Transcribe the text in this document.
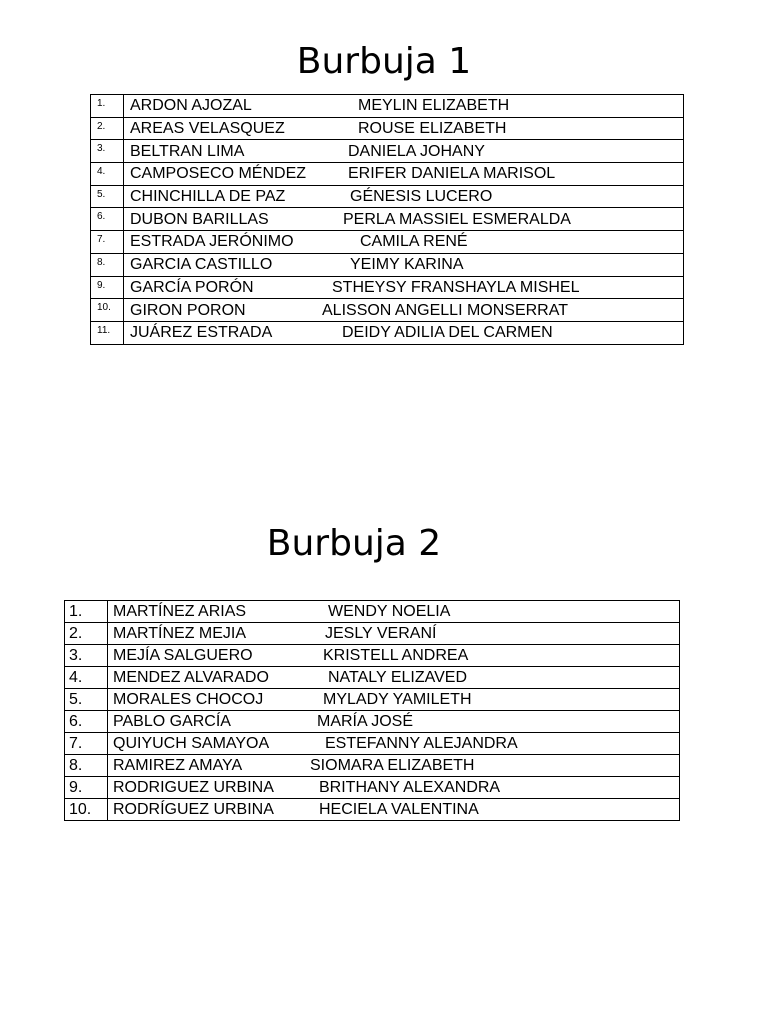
Burbuja 1
1.	ARDON AJOZAL MEYLIN ELIZABETH
2.	AREAS VELASQUEZ ROUSE ELIZABETH
3.	BELTRAN LIMA DANIELA JOHANY
4.	CAMPOSECO MÉNDEZ ERIFER DANIELA MARISOL
5.	CHINCHILLA DE PAZ GÉNESIS LUCERO
6.	DUBON BARILLAS PERLA MASSIEL ESMERALDA
7.	ESTRADA JERÓNIMO CAMILA RENÉ
8.	GARCIA CASTILLO YEIMY KARINA
9.	GARCÍA PORÓN STHEYSY FRANSHAYLA MISHEL
10.	GIRON PORON ALISSON ANGELLI MONSERRAT
11.	JUÁREZ ESTRADA DEIDY ADILIA DEL CARMEN
Burbuja 2
1.	MARTÍNEZ ARIAS WENDY NOELIA
2.	MARTÍNEZ MEJIA JESLY VERANÍ
3.	MEJÍA SALGUERO KRISTELL ANDREA
4.	MENDEZ ALVARADO NATALY ELIZAVED
5.	MORALES CHOCOJ MYLADY YAMILETH
6.	PABLO GARCÍA MARÍA JOSÉ
7.	QUIYUCH SAMAYOA ESTEFANNY ALEJANDRA
8.	RAMIREZ AMAYA SIOMARA ELIZABETH
9.	RODRIGUEZ URBINA BRITHANY ALEXANDRA
10.	RODRÍGUEZ URBINA HECIELA VALENTINA
